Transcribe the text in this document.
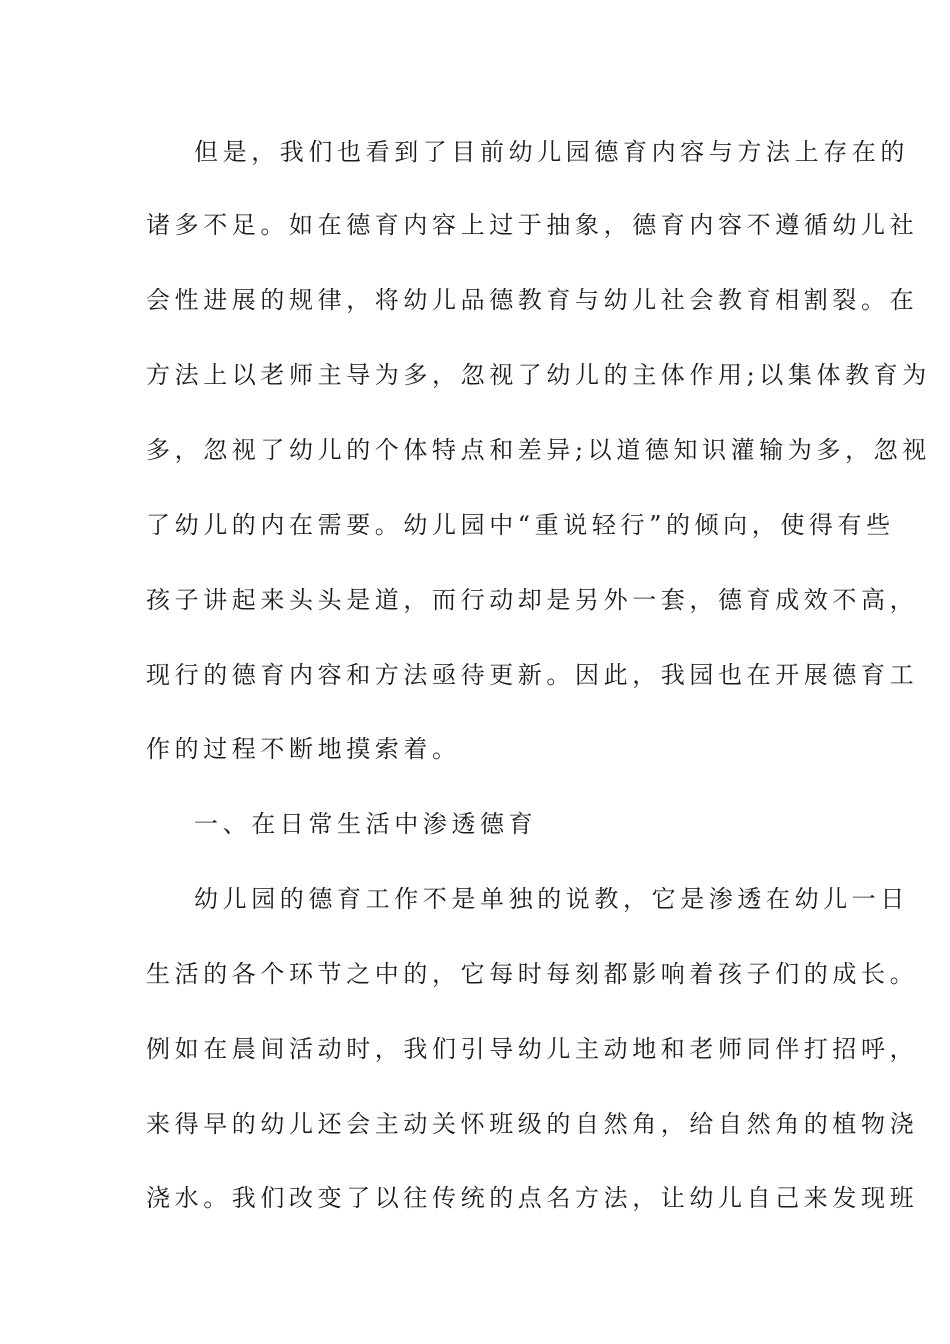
但是，我们也看到了目前幼儿园德育内容与方法上存在的
诸多不足。如在德育内容上过于抽象，德育内容不遵循幼儿社
会性进展的规律，将幼儿品德教育与幼儿社会教育相割裂。在
方法上以老师主导为多，忽视了幼儿的主体作用;以集体教育为
多，忽视了幼儿的个体特点和差异;以道德知识灌输为多，忽视
了幼儿的内在需要。幼儿园中“重说轻行”的倾向，使得有些
孩子讲起来头头是道，而行动却是另外一套，德育成效不高，
现行的德育内容和方法亟待更新。因此，我园也在开展德育工
作的过程不断地摸索着。
一、在日常生活中渗透德育
幼儿园的德育工作不是单独的说教，它是渗透在幼儿一日
生活的各个环节之中的，它每时每刻都影响着孩子们的成长。
例如在晨间活动时，我们引导幼儿主动地和老师同伴打招呼，
来得早的幼儿还会主动关怀班级的自然角，给自然角的植物浇
浇水。我们改变了以往传统的点名方法，让幼儿自己来发现班
